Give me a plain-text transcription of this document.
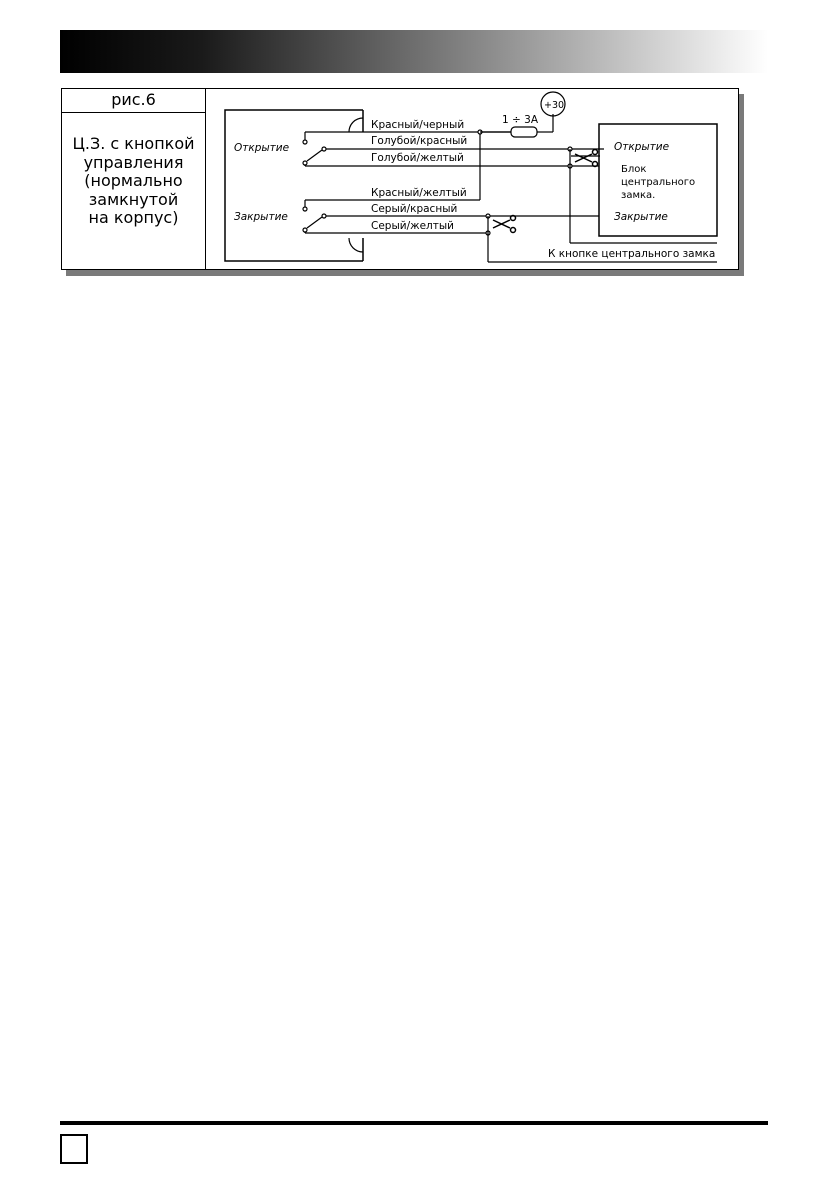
рис.6
Ц.З. с кнопкой
управления
(нормально
замкнутой
на корпус)
Открытие
Закрытие
Красный/черный
Голубой/красный
Голубой/желтый
Красный/желтый
Серый/красный
Серый/желтый
1 ÷ 3А
+30
Открытие
Блок
центрального
замка.
Закрытие
К кнопке центрального замка
